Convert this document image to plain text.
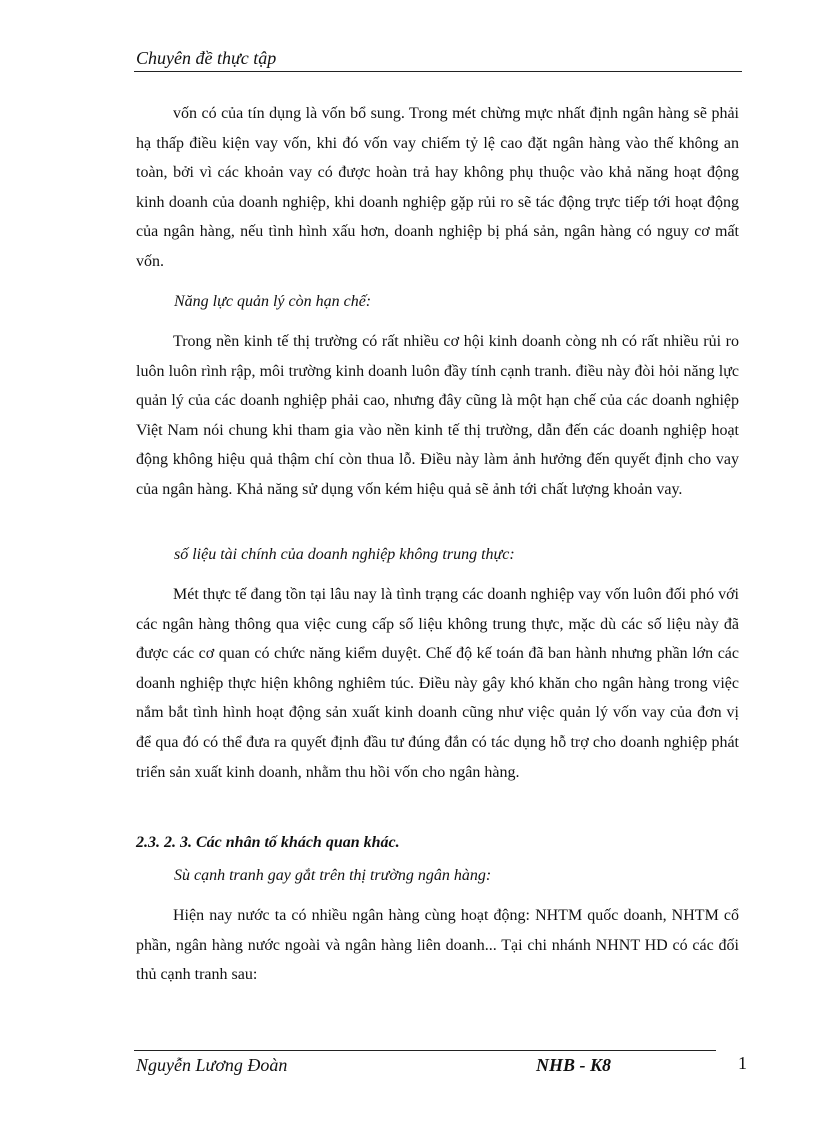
Chuyên đề thực tập

vốn có của tín dụng là vốn bổ sung. Trong mét chừng mực nhất định ngân hàng sẽ phải hạ thấp điều kiện vay vốn, khi đó vốn vay chiếm tỷ lệ cao đặt ngân hàng vào thế không an toàn, bởi vì các khoản vay có được hoàn trả hay không phụ thuộc vào khả năng hoạt động kinh doanh của doanh nghiệp, khi doanh nghiệp gặp rủi ro sẽ tác động trực tiếp tới hoạt động của ngân hàng, nếu tình hình xấu hơn, doanh nghiệp bị phá sản, ngân hàng có nguy cơ mất vốn.

Năng lực quản lý còn hạn chế:

Trong nền kinh tế thị trường có rất nhiều cơ hội kinh doanh còng nh có rất nhiều rủi ro luôn luôn rình rập, môi trường kinh doanh luôn đầy tính cạnh tranh. điều này đòi hỏi năng lực quản lý của các doanh nghiệp phải cao, nhưng đây cũng là một hạn chế của các doanh nghiệp Việt Nam nói chung khi tham gia vào nền kinh tế thị trường, dẫn đến các doanh nghiệp hoạt động không hiệu quả thậm chí còn thua lỗ. Điều này làm ảnh hưởng đến quyết định cho vay của ngân hàng. Khả năng sử dụng vốn kém hiệu quả sẽ ảnh tới chất lượng khoản vay.

số liệu tài chính của doanh nghiệp không trung thực:

Mét thực tế đang tồn tại lâu nay là tình trạng các doanh nghiệp vay vốn luôn đối phó với các ngân hàng thông qua việc cung cấp số liệu không trung thực, mặc dù các số liệu này đã được các cơ quan có chức năng kiểm duyệt. Chế độ kế toán đã ban hành nhưng phần lớn các doanh nghiệp thực hiện không nghiêm túc. Điều này gây khó khăn cho ngân hàng trong việc nắm bắt tình hình hoạt động sản xuất kinh doanh cũng như việc quản lý vốn vay của đơn vị để qua đó có thể đưa ra quyết định đầu tư đúng đắn có tác dụng hỗ trợ cho doanh nghiệp phát triển sản xuất kinh doanh, nhằm thu hồi vốn cho ngân hàng.

2.3. 2. 3. Các nhân tố khách quan khác.

Sù cạnh tranh gay gắt trên thị trường ngân hàng:

Hiện nay nước ta có nhiều ngân hàng cùng hoạt động: NHTM quốc doanh, NHTM cổ phần, ngân hàng nước ngoài và ngân hàng liên doanh... Tại chi nhánh NHNT HD có các đối thủ cạnh tranh sau:

Nguyễn Lương Đoàn	NHB - K8	1
